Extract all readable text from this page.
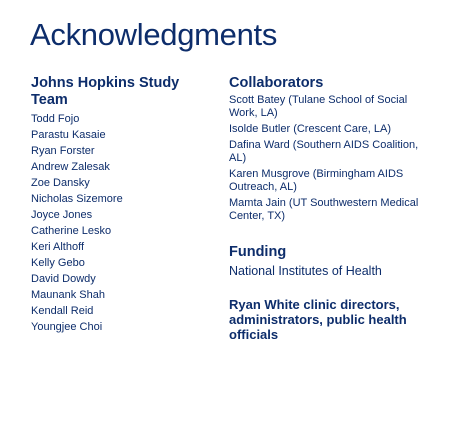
Acknowledgments
Johns Hopkins Study Team
Todd Fojo
Parastu Kasaie
Ryan Forster
Andrew Zalesak
Zoe Dansky
Nicholas Sizemore
Joyce Jones
Catherine Lesko
Keri Althoff
Kelly Gebo
David Dowdy
Maunank Shah
Kendall Reid
Youngjee Choi
Collaborators
Scott Batey (Tulane School of Social Work, LA)
Isolde Butler (Crescent Care, LA)
Dafina Ward (Southern AIDS Coalition, AL)
Karen Musgrove (Birmingham AIDS Outreach, AL)
Mamta Jain (UT Southwestern Medical Center, TX)
Funding
National Institutes of Health
Ryan White clinic directors, administrators, public health officials
